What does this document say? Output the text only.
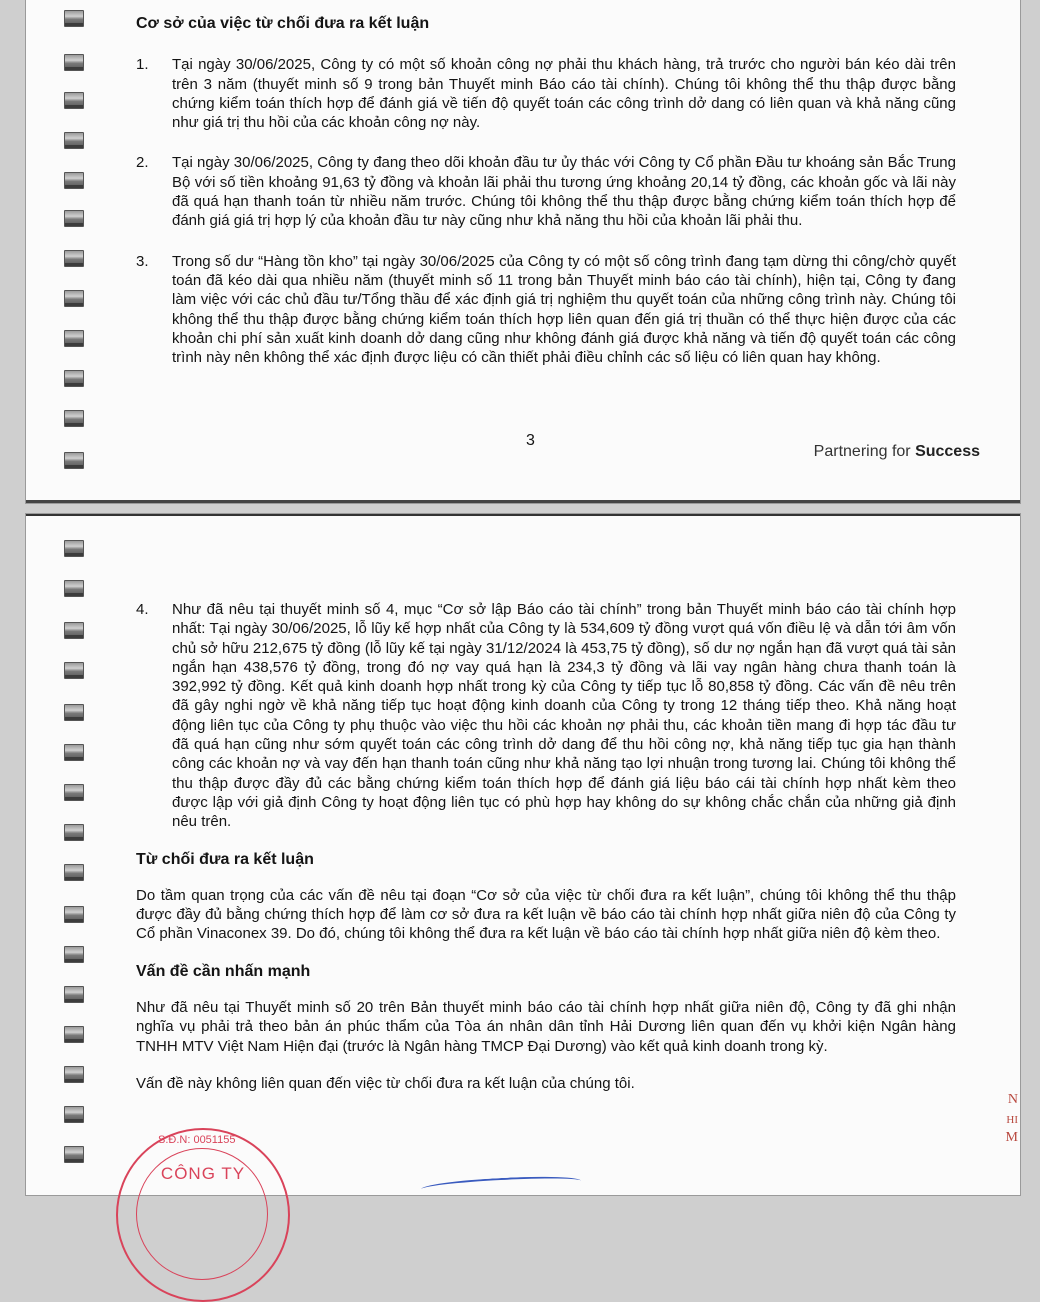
Cơ sở của việc từ chối đưa ra kết luận

1. Tại ngày 30/06/2025, Công ty có một số khoản công nợ phải thu khách hàng, trả trước cho người bán kéo dài trên trên 3 năm (thuyết minh số 9 trong bản Thuyết minh Báo cáo tài chính). Chúng tôi không thể thu thập được bằng chứng kiểm toán thích hợp để đánh giá về tiến độ quyết toán các công trình dở dang có liên quan và khả năng cũng như giá trị thu hồi của các khoản công nợ này.
2. Tại ngày 30/06/2025, Công ty đang theo dõi khoản đầu tư ủy thác với Công ty Cổ phần Đầu tư khoáng sản Bắc Trung Bộ với số tiền khoảng 91,63 tỷ đồng và khoản lãi phải thu tương ứng khoảng 20,14 tỷ đồng, các khoản gốc và lãi này đã quá hạn thanh toán từ nhiều năm trước. Chúng tôi không thể thu thập được bằng chứng kiểm toán thích hợp để đánh giá giá trị hợp lý của khoản đầu tư này cũng như khả năng thu hồi của khoản lãi phải thu.
3. Trong số dư “Hàng tồn kho” tại ngày 30/06/2025 của Công ty có một số công trình đang tạm dừng thi công/chờ quyết toán đã kéo dài qua nhiều năm (thuyết minh số 11 trong bản Thuyết minh báo cáo tài chính), hiện tại, Công ty đang làm việc với các chủ đầu tư/Tổng thầu để xác định giá trị nghiệm thu quyết toán của những công trình này. Chúng tôi không thể thu thập được bằng chứng kiểm toán thích hợp liên quan đến giá trị thuần có thể thực hiện được của các khoản chi phí sản xuất kinh doanh dở dang cũng như không đánh giá được khả năng và tiến độ quyết toán các công trình này nên không thể xác định được liệu có cần thiết phải điều chỉnh các số liệu có liên quan hay không.
3
Partnering for Success
4. Như đã nêu tại thuyết minh số 4, mục “Cơ sở lập Báo cáo tài chính” trong bản Thuyết minh báo cáo tài chính hợp nhất: Tại ngày 30/06/2025, lỗ lũy kế hợp nhất của Công ty là 534,609 tỷ đồng vượt quá vốn điều lệ và dẫn tới âm vốn chủ sở hữu 212,675 tỷ đồng (lỗ lũy kế tại ngày 31/12/2024 là 453,75 tỷ đồng), số dư nợ ngắn hạn đã vượt quá tài sản ngắn hạn 438,576 tỷ đồng, trong đó nợ vay quá hạn là 234,3 tỷ đồng và lãi vay ngân hàng chưa thanh toán là 392,992 tỷ đồng. Kết quả kinh doanh hợp nhất trong kỳ của Công ty tiếp tục lỗ 80,858 tỷ đồng. Các vấn đề nêu trên đã gây nghi ngờ về khả năng tiếp tục hoạt động kinh doanh của Công ty trong 12 tháng tiếp theo. Khả năng hoạt động liên tục của Công ty phụ thuộc vào việc thu hồi các khoản nợ phải thu, các khoản tiền mang đi hợp tác đầu tư đã quá hạn cũng như sớm quyết toán các công trình dở dang để thu hồi công nợ, khả năng tiếp tục gia hạn thành công các khoản nợ và vay đến hạn thanh toán cũng như khả năng tạo lợi nhuận trong tương lai. Chúng tôi không thể thu thập được đầy đủ các bằng chứng kiểm toán thích hợp để đánh giá liệu báo cái tài chính hợp nhất kèm theo được lập với giả định Công ty hoạt động liên tục có phù hợp hay không do sự không chắc chắn của những giả định nêu trên.

Từ chối đưa ra kết luận

Do tầm quan trọng của các vấn đề nêu tại đoạn “Cơ sở của việc từ chối đưa ra kết luận”, chúng tôi không thể thu thập được đầy đủ bằng chứng thích hợp để làm cơ sở đưa ra kết luận về báo cáo tài chính hợp nhất giữa niên độ của Công ty Cổ phần Vinaconex 39. Do đó, chúng tôi không thể đưa ra kết luận về báo cáo tài chính hợp nhất giữa niên độ kèm theo.

Vấn đề cần nhấn mạnh

Như đã nêu tại Thuyết minh số 20 trên Bản thuyết minh báo cáo tài chính hợp nhất giữa niên độ, Công ty đã ghi nhận nghĩa vụ phải trả theo bản án phúc thẩm của Tòa án nhân dân tỉnh Hải Dương liên quan đến vụ khởi kiện Ngân hàng TNHH MTV Việt Nam Hiện đại (trước là Ngân hàng TMCP Đại Dương) vào kết quả kinh doanh trong kỳ.

Vấn đề này không liên quan đến việc từ chối đưa ra kết luận của chúng tôi.

N
HI
M
S.Đ.N: 0051155
CÔNG TY
